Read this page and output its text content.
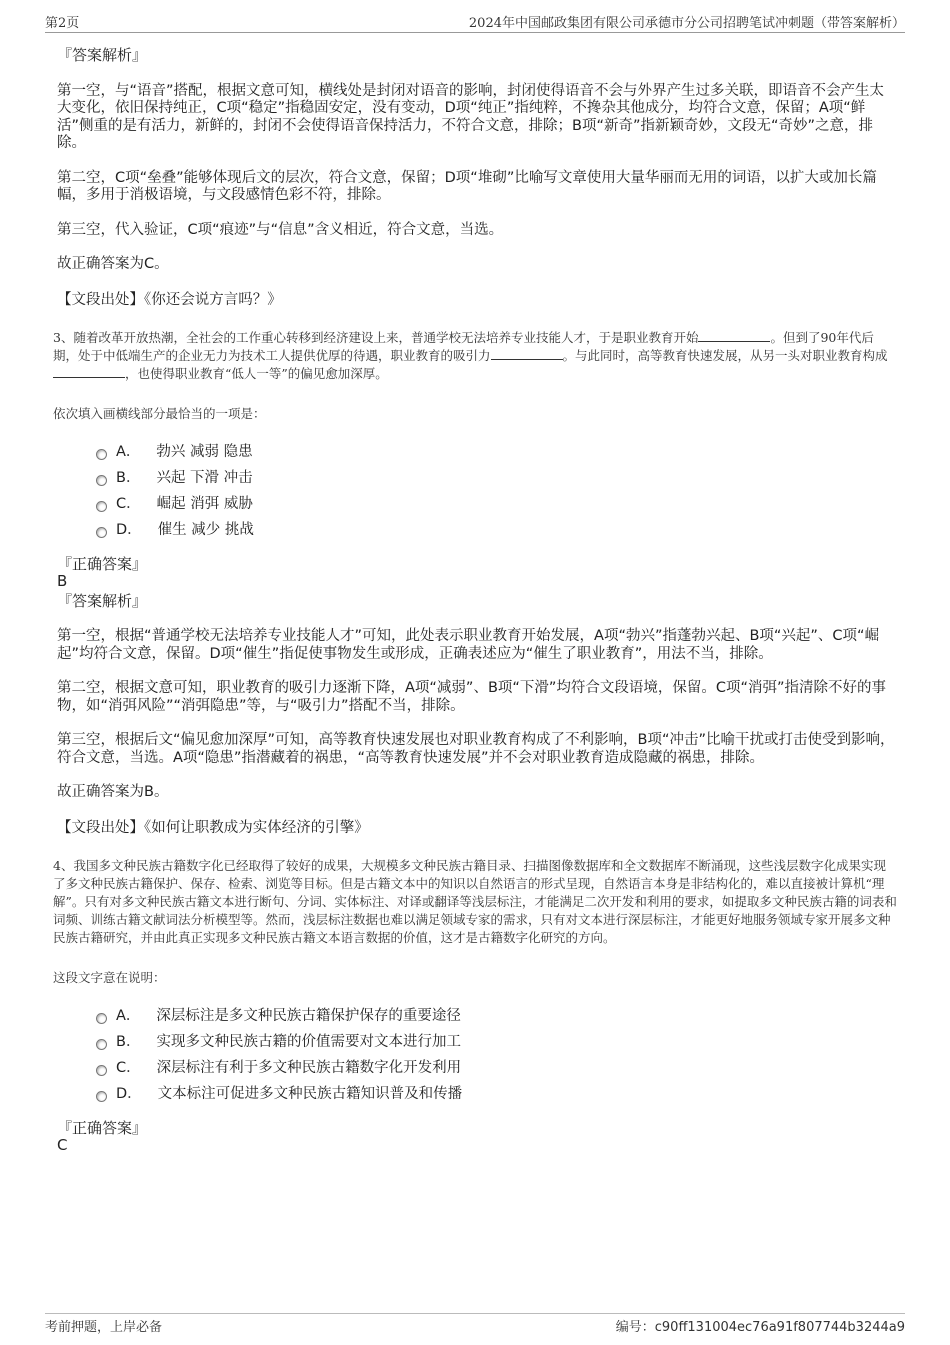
第2页	2024年中国邮政集团有限公司承德市分公司招聘笔试冲刺题（带答案解析）
『答案解析』

第一空，与“语音”搭配，根据文意可知，横线处是封闭对语音的影响，封闭使得语音不会与外界产生过多关联，即语音不会产生太大变化，依旧保持纯正，C项“稳定”指稳固安定，没有变动，D项“纯正”指纯粹，不搀杂其他成分，均符合文意，保留；A项“鲜活”侧重的是有活力，新鲜的，封闭不会使得语音保持活力，不符合文意，排除；B项“新奇”指新颖奇妙，文段无“奇妙”之意，排除。

第二空，C项“垒叠”能够体现后文的层次，符合文意，保留；D项“堆砌”比喻写文章使用大量华丽而无用的词语，以扩大或加长篇幅，多用于消极语境，与文段感情色彩不符，排除。

第三空，代入验证，C项“痕迹”与“信息”含义相近，符合文意，当选。

故正确答案为C。

【文段出处】《你还会说方言吗？》

3、随着改革开放热潮，全社会的工作重心转移到经济建设上来，普通学校无法培养专业技能人才，于是职业教育开始	。但到了90年代后期，处于中低端生产的企业无力为技术工人提供优厚的待遇，职业教育的吸引力	。与此同时，高等教育快速发展，从另一头对职业教育构成，也使得职业教育“低人一等”的偏见愈加深厚。
依次填入画横线部分最恰当的一项是：
A． 勃兴 减弱 隐患
B． 兴起 下滑 冲击
C． 崛起 消弭 威胁
D． 催生 减少 挑战
『正确答案』
B
『答案解析』

第一空，根据“普通学校无法培养专业技能人才”可知，此处表示职业教育开始发展，A项“勃兴”指蓬勃兴起、B项“兴起”、C项“崛起”均符合文意，保留。D项“催生”指促使事物发生或形成，正确表述应为“催生了职业教育”，用法不当，排除。

第二空，根据文意可知，职业教育的吸引力逐渐下降，A项“减弱”、B项“下滑”均符合文段语境，保留。C项“消弭”指清除不好的事物，如“消弭风险”“消弭隐患”等，与“吸引力”搭配不当，排除。

第三空，根据后文“偏见愈加深厚”可知，高等教育快速发展也对职业教育构成了不利影响，B项“冲击”比喻干扰或打击使受到影响，符合文意，当选。A项“隐患”指潜藏着的祸患，“高等教育快速发展”并不会对职业教育造成隐藏的祸患，排除。

故正确答案为B。

【文段出处】《如何让职教成为实体经济的引擎》

4、我国多文种民族古籍数字化已经取得了较好的成果，大规模多文种民族古籍目录、扫描图像数据库和全文数据库不断涌现，这些浅层数字化成果实现了多文种民族古籍保护、保存、检索、浏览等目标。但是古籍文本中的知识以自然语言的形式呈现，自然语言本身是非结构化的，难以直接被计算机“理解”。只有对多文种民族古籍文本进行断句、分词、实体标注、对译或翻译等浅层标注，才能满足二次开发和利用的要求，如提取多文种民族古籍的词表和词频、训练古籍文献词法分析模型等。然而，浅层标注数据也难以满足领域专家的需求，只有对文本进行深层标注，才能更好地服务领域专家开展多文种民族古籍研究，并由此真正实现多文种民族古籍文本语言数据的价值，这才是古籍数字化研究的方向。
这段文字意在说明：
A． 深层标注是多文种民族古籍保护保存的重要途径
B． 实现多文种民族古籍的价值需要对文本进行加工
C． 深层标注有利于多文种民族古籍数字化开发利用
D． 文本标注可促进多文种民族古籍知识普及和传播
『正确答案』
C
考前押题，上岸必备	编号：c90ff131004ec76a91f807744b3244a9
